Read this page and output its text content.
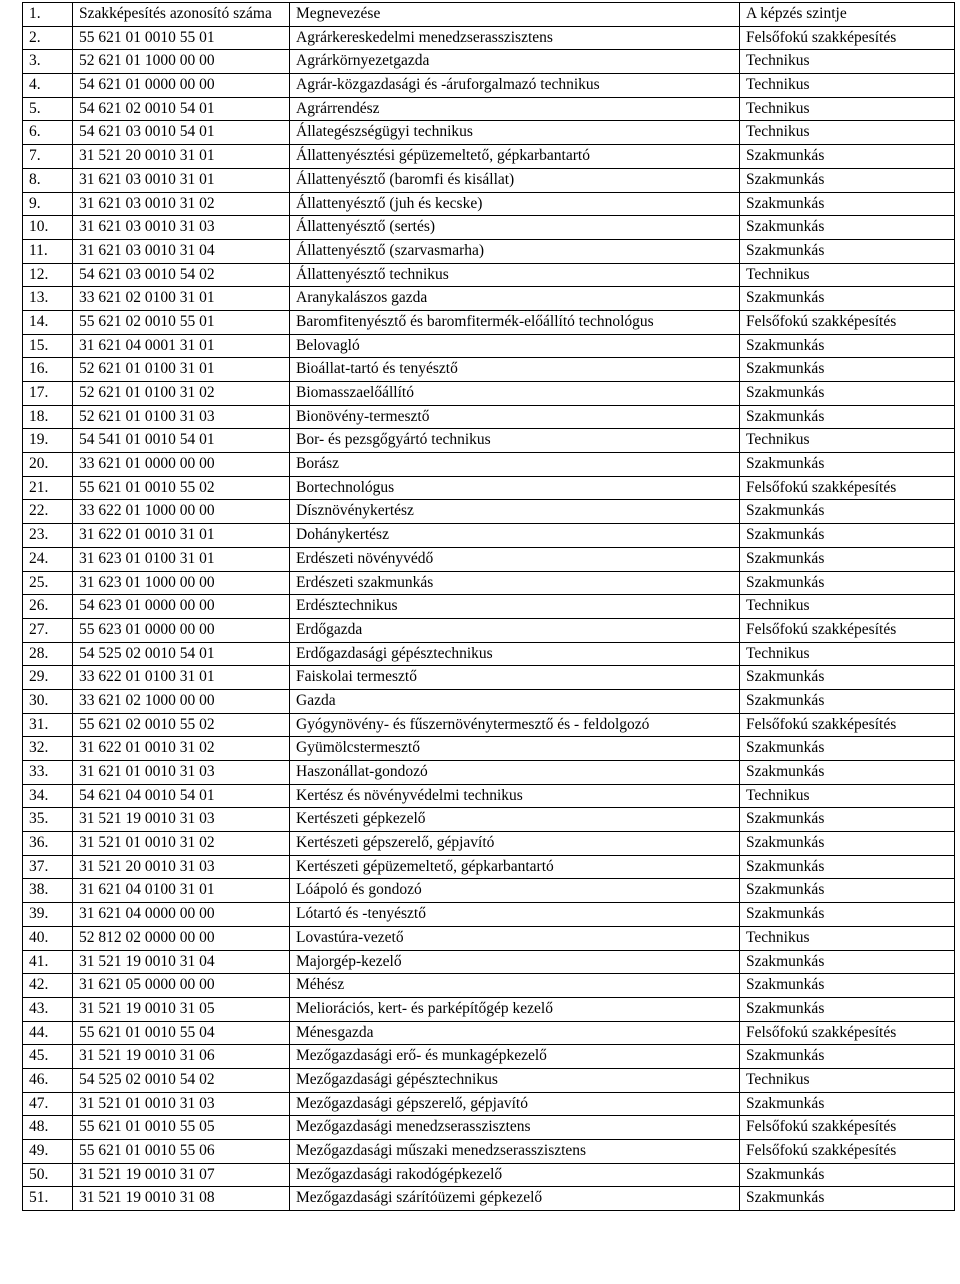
1.	Szakképesítés azonosító száma	Megnevezése	A képzés szintje
2.	55 621 01 0010 55 01	Agrárkereskedelmi menedzserasszisztens	Felsőfokú szakképesítés
3.	52 621 01 1000 00 00	Agrárkörnyezetgazda	Technikus
4.	54 621 01 0000 00 00	Agrár-közgazdasági és -áruforgalmazó technikus	Technikus
5.	54 621 02 0010 54 01	Agrárrendész	Technikus
6.	54 621 03 0010 54 01	Állategészségügyi technikus	Technikus
7.	31 521 20 0010 31 01	Állattenyésztési gépüzemeltető, gépkarbantartó	Szakmunkás
8.	31 621 03 0010 31 01	Állattenyésztő (baromfi és kisállat)	Szakmunkás
9.	31 621 03 0010 31 02	Állattenyésztő (juh és kecske)	Szakmunkás
10.	31 621 03 0010 31 03	Állattenyésztő (sertés)	Szakmunkás
11.	31 621 03 0010 31 04	Állattenyésztő (szarvasmarha)	Szakmunkás
12.	54 621 03 0010 54 02	Állattenyésztő technikus	Technikus
13.	33 621 02 0100 31 01	Aranykalászos gazda	Szakmunkás
14.	55 621 02 0010 55 01	Baromfitenyésztő és baromfitermék-előállító technológus	Felsőfokú szakképesítés
15.	31 621 04 0001 31 01	Belovagló	Szakmunkás
16.	52 621 01 0100 31 01	Bioállat-tartó és tenyésztő	Szakmunkás
17.	52 621 01 0100 31 02	Biomasszaelőállító	Szakmunkás
18.	52 621 01 0100 31 03	Bionövény-termesztő	Szakmunkás
19.	54 541 01 0010 54 01	Bor- és pezsgőgyártó technikus	Technikus
20.	33 621 01 0000 00 00	Borász	Szakmunkás
21.	55 621 01 0010 55 02	Bortechnológus	Felsőfokú szakképesítés
22.	33 622 01 1000 00 00	Dísznövénykertész	Szakmunkás
23.	31 622 01 0010 31 01	Dohánykertész	Szakmunkás
24.	31 623 01 0100 31 01	Erdészeti növényvédő	Szakmunkás
25.	31 623 01 1000 00 00	Erdészeti szakmunkás	Szakmunkás
26.	54 623 01 0000 00 00	Erdésztechnikus	Technikus
27.	55 623 01 0000 00 00	Erdőgazda	Felsőfokú szakképesítés
28.	54 525 02 0010 54 01	Erdőgazdasági gépésztechnikus	Technikus
29.	33 622 01 0100 31 01	Faiskolai termesztő	Szakmunkás
30.	33 621 02 1000 00 00	Gazda	Szakmunkás
31.	55 621 02 0010 55 02	Gyógynövény- és fűszernövénytermesztő és - feldolgozó	Felsőfokú szakképesítés
32.	31 622 01 0010 31 02	Gyümölcstermesztő	Szakmunkás
33.	31 621 01 0010 31 03	Haszonállat-gondozó	Szakmunkás
34.	54 621 04 0010 54 01	Kertész és növényvédelmi technikus	Technikus
35.	31 521 19 0010 31 03	Kertészeti gépkezelő	Szakmunkás
36.	31 521 01 0010 31 02	Kertészeti gépszerelő, gépjavító	Szakmunkás
37.	31 521 20 0010 31 03	Kertészeti gépüzemeltető, gépkarbantartó	Szakmunkás
38.	31 621 04 0100 31 01	Lóápoló és gondozó	Szakmunkás
39.	31 621 04 0000 00 00	Lótartó és -tenyésztő	Szakmunkás
40.	52 812 02 0000 00 00	Lovastúra-vezető	Technikus
41.	31 521 19 0010 31 04	Majorgép-kezelő	Szakmunkás
42.	31 621 05 0000 00 00	Méhész	Szakmunkás
43.	31 521 19 0010 31 05	Meliorációs, kert- és parképítőgép kezelő	Szakmunkás
44.	55 621 01 0010 55 04	Ménesgazda	Felsőfokú szakképesítés
45.	31 521 19 0010 31 06	Mezőgazdasági erő- és munkagépkezelő	Szakmunkás
46.	54 525 02 0010 54 02	Mezőgazdasági gépésztechnikus	Technikus
47.	31 521 01 0010 31 03	Mezőgazdasági gépszerelő, gépjavító	Szakmunkás
48.	55 621 01 0010 55 05	Mezőgazdasági menedzserasszisztens	Felsőfokú szakképesítés
49.	55 621 01 0010 55 06	Mezőgazdasági műszaki menedzserasszisztens	Felsőfokú szakképesítés
50.	31 521 19 0010 31 07	Mezőgazdasági rakodógépkezelő	Szakmunkás
51.	31 521 19 0010 31 08	Mezőgazdasági szárítóüzemi gépkezelő	Szakmunkás
